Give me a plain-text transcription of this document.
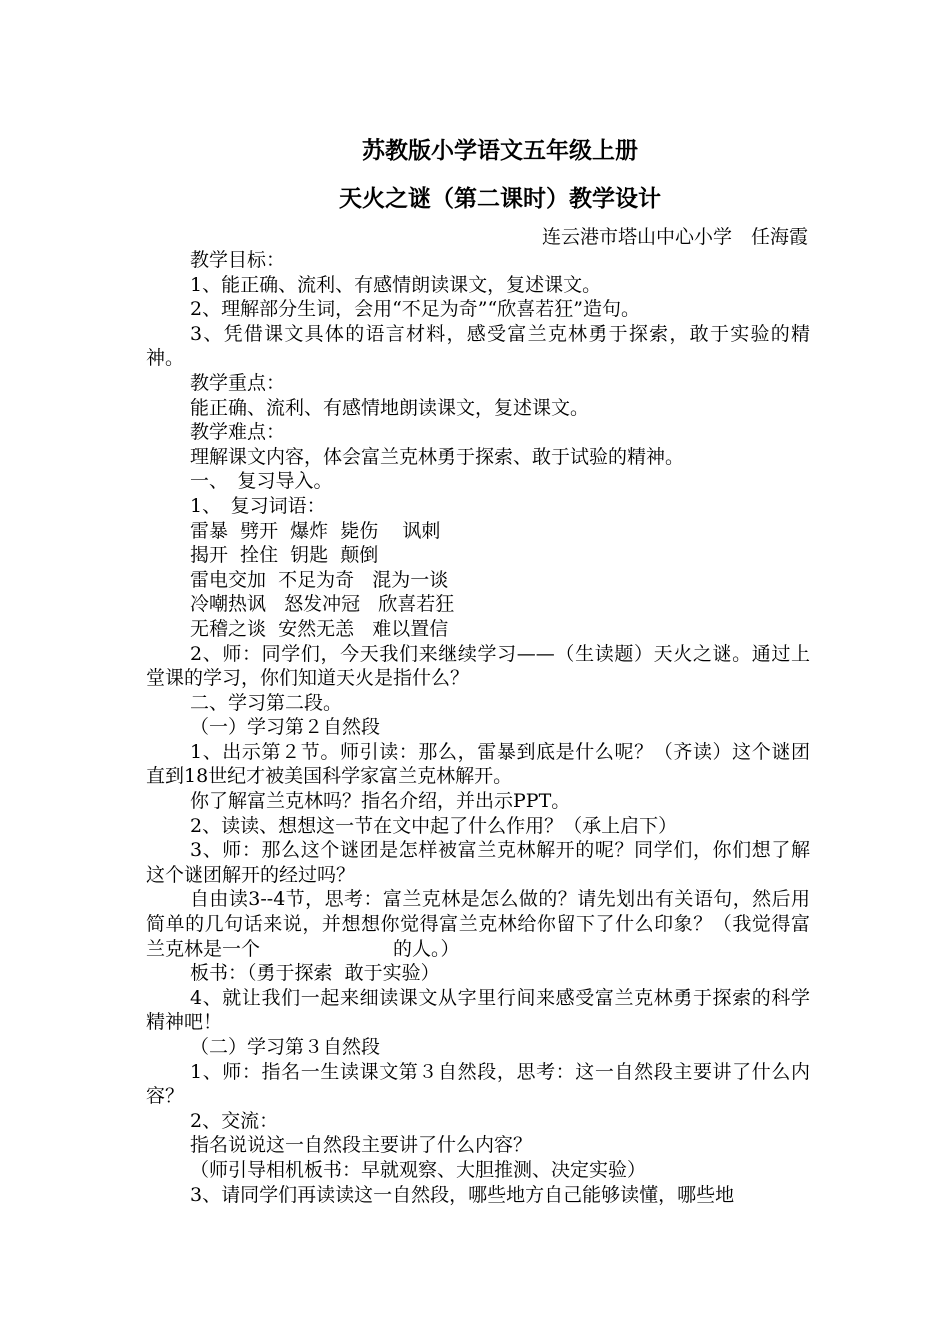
苏教版小学语文五年级上册
天火之谜（第二课时）教学设计
连云港市塔山中心小学　任海霞

教学目标：

1、能正确、流利、有感情朗读课文，复述课文。

2、理解部分生词，会用“不足为奇”“欣喜若狂”造句。

3、凭借课文具体的语言材料，感受富兰克林勇于探索，敢于实验的精神。

教学重点：

能正确、流利、有感情地朗读课文，复述课文。

教学难点：

理解课文内容，体会富兰克林勇于探索、敢于试验的精神。

一、　复习导入。

1、　复习词语：

雷暴  劈开  爆炸  毙伤    讽刺

揭开  拴住  钥匙  颠倒

雷电交加  不足为奇   混为一谈

冷嘲热讽   怒发冲冠   欣喜若狂

无稽之谈  安然无恙   难以置信

2、师：同学们，今天我们来继续学习——（生读题）天火之谜。通过上堂课的学习，你们知道天火是指什么？

二、学习第二段。

（一）学习第２自然段

1、出示第２节。师引读：那么，雷暴到底是什么呢？（齐读）这个谜团直到18世纪才被美国科学家富兰克林解开。

你了解富兰克林吗？指名介绍，并出示PPT。

2、读读、想想这一节在文中起了什么作用？（承上启下）

3、师：那么这个谜团是怎样被富兰克林解开的呢？同学们，你们想了解这个谜团解开的经过吗？

自由读3--4节，思考：富兰克林是怎么做的？请先划出有关语句，然后用简单的几句话来说，并想想你觉得富兰克林给你留下了什么印象？（我觉得富兰克林是一个　　　　　　　的人。）

板书：（勇于探索  敢于实验）

4、就让我们一起来细读课文从字里行间来感受富兰克林勇于探索的科学精神吧！

（二）学习第３自然段

1、师：指名一生读课文第３自然段，思考：这一自然段主要讲了什么内容？

2、交流：

指名说说这一自然段主要讲了什么内容？

（师引导相机板书：早就观察、大胆推测、决定实验）

3、请同学们再读读这一自然段，哪些地方自己能够读懂，哪些地
